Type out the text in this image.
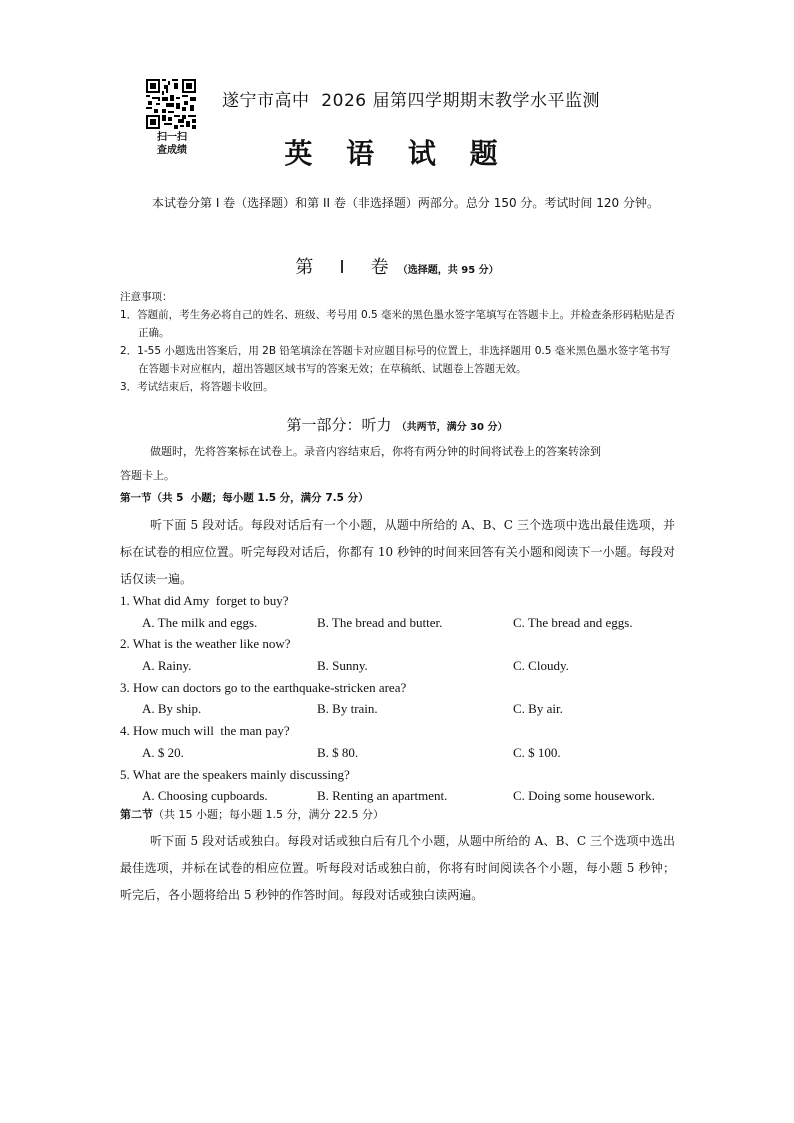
扫一扫
查成绩
遂宁市高中  2026 届第四学期期末教学水平监测
英 语 试 题
本试卷分第 I 卷（选择题）和第 II 卷（非选择题）两部分。总分 150 分。考试时间 120 分钟。
第　Ⅰ　卷 （选择题，共 95 分）
注意事项：
1．答题前，考生务必将自己的姓名、班级、考号用 0.5 毫米的黑色墨水签字笔填写在答题卡上。并检查条形码粘贴是否正确。
2．1-55 小题选出答案后，用 2B 铅笔填涂在答题卡对应题目标号的位置上，非选择题用 0.5 毫米黑色墨水签字笔书写在答题卡对应框内，超出答题区域书写的答案无效；在草稿纸、试题卷上答题无效。
3．考试结束后，将答题卡收回。
第一部分：听力 （共两节，满分 30 分）
做题时，先将答案标在试卷上。录音内容结束后，你将有两分钟的时间将试卷上的答案转涂到
答题卡上。
第一节（共 5  小题；每小题 1.5 分，满分 7.5 分）
听下面 5 段对话。每段对话后有一个小题，从题中所给的 A、B、C 三个选项中选出最佳选项，并标在试卷的相应位置。听完每段对话后，你都有 10 秒钟的时间来回答有关小题和阅读下一小题。每段对话仅读一遍。
1. What did Amy  forget to buy?
A. The milk and eggs.	B. The bread and butter.	C. The bread and eggs.
2. What is the weather like now?
A. Rainy.	B. Sunny.	C. Cloudy.
3. How can doctors go to the earthquake-stricken area?
A. By ship.	B. By train.	C. By air.
4. How much will  the man pay?
A. $ 20.	B. $ 80.	C. $ 100.
5. What are the speakers mainly discussing?
A. Choosing cupboards.	B. Renting an apartment.	C. Doing some housework.
第二节（共 15 小题；每小题 1.5 分，满分 22.5 分）
听下面 5 段对话或独白。每段对话或独白后有几个小题，从题中所给的 A、B、C 三个选项中选出最佳选项，并标在试卷的相应位置。听每段对话或独白前，你将有时间阅读各个小题，每小题 5 秒钟；听完后，各小题将给出 5 秒钟的作答时间。每段对话或独白读两遍。
